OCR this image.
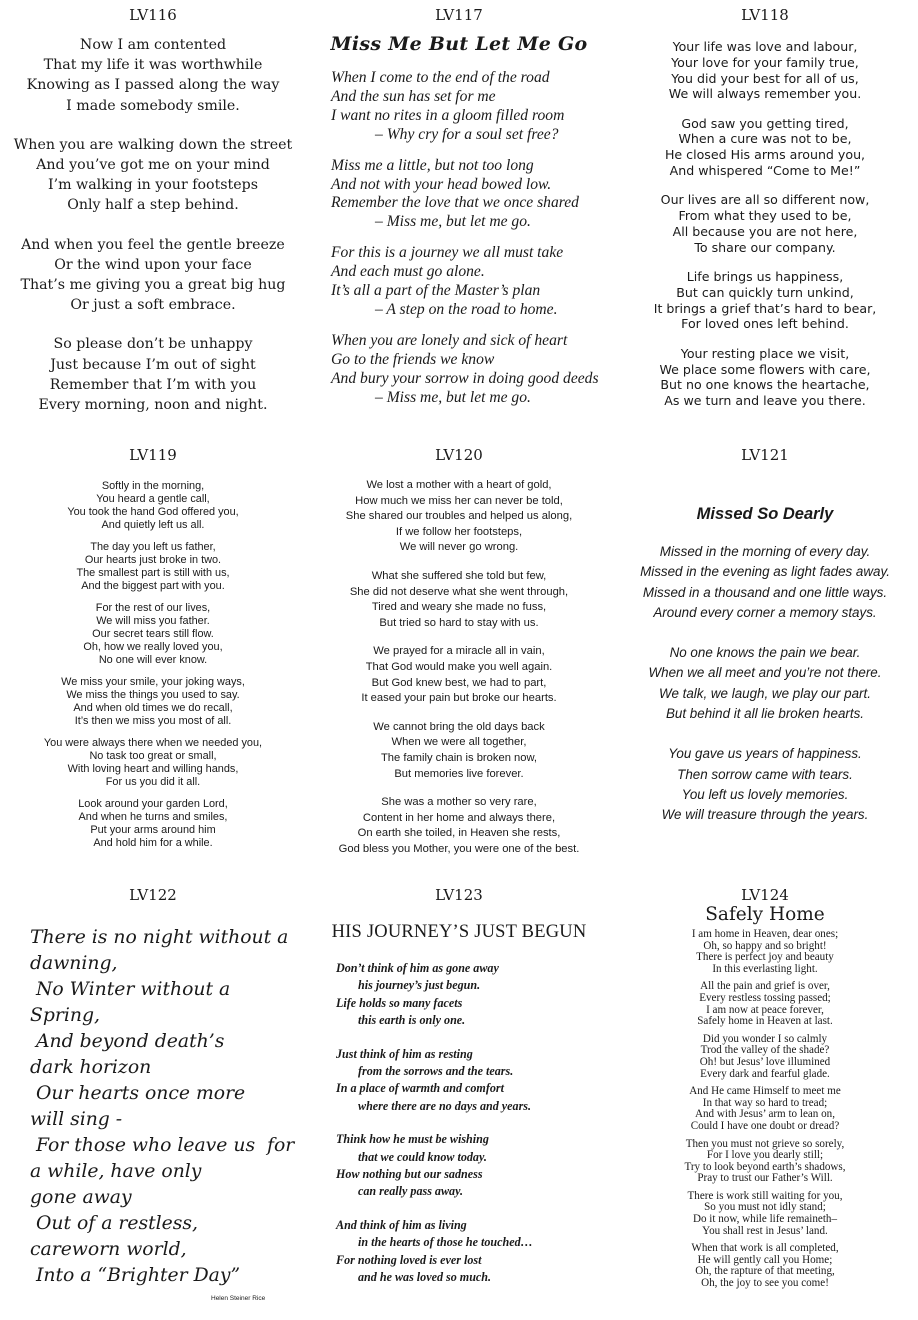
LV116
Now I am contented
That my life it was worthwhile
Knowing as I passed along the way
I made somebody smile.
When you are walking down the street
And you’ve got me on your mind
I’m walking in your footsteps
Only half a step behind.
And when you feel the gentle breeze
Or the wind upon your face
That’s me giving you a great big hug
Or just a soft embrace.
So please don’t be unhappy
Just because I’m out of sight
Remember that I’m with you
Every morning, noon and night.
LV117
Miss Me But Let Me Go
When I come to the end of the road
And the sun has set for me
I want no rites in a gloom filled room
– Why cry for a soul set free?
Miss me a little, but not too long
And not with your head bowed low.
Remember the love that we once shared
– Miss me, but let me go.
For this is a journey we all must take
And each must go alone.
It’s all a part of the Master’s plan
– A step on the road to home.
When you are lonely and sick of heart
Go to the friends we know
And bury your sorrow in doing good deeds
– Miss me, but let me go.
LV118
Your life was love and labour,
Your love for your family true,
You did your best for all of us,
We will always remember you.
God saw you getting tired,
When a cure was not to be,
He closed His arms around you,
And whispered “Come to Me!”
Our lives are all so different now,
From what they used to be,
All because you are not here,
To share our company.
Life brings us happiness,
But can quickly turn unkind,
It brings a grief that’s hard to bear,
For loved ones left behind.
Your resting place we visit,
We place some flowers with care,
But no one knows the heartache,
As we turn and leave you there.
LV119
Softly in the morning,
You heard a gentle call,
You took the hand God offered you,
And quietly left us all.
The day you left us father,
Our hearts just broke in two.
The smallest part is still with us,
And the biggest part with you.
For the rest of our lives,
We will miss you father.
Our secret tears still flow.
Oh, how we really loved you,
No one will ever know.
We miss your smile, your joking ways,
We miss the things you used to say.
And when old times we do recall,
It’s then we miss you most of all.
You were always there when we needed you,
No task too great or small,
With loving heart and willing hands,
For us you did it all.
Look around your garden Lord,
And when he turns and smiles,
Put your arms around him
And hold him for a while.
LV120
We lost a mother with a heart of gold,
How much we miss her can never be told,
She shared our troubles and helped us along,
If we follow her footsteps,
We will never go wrong.
What she suffered she told but few,
She did not deserve what she went through,
Tired and weary she made no fuss,
But tried so hard to stay with us.
We prayed for a miracle all in vain,
That God would make you well again.
But God knew best, we had to part,
It eased your pain but broke our hearts.
We cannot bring the old days back
When we were all together,
The family chain is broken now,
But memories live forever.
She was a mother so very rare,
Content in her home and always there,
On earth she toiled, in Heaven she rests,
God bless you Mother, you were one of the best.
LV121
Missed So Dearly
Missed in the morning of every day.
Missed in the evening as light fades away.
Missed in a thousand and one little ways.
Around every corner a memory stays.
No one knows the pain we bear.
When we all meet and you’re not there.
We talk, we laugh, we play our part.
But behind it all lie broken hearts.
You gave us years of happiness.
Then sorrow came with tears.
You left us lovely memories.
We will treasure through the years.
LV122
There is no night without a
dawning,
No Winter without a
Spring,
And beyond death’s
dark horizon
Our hearts once more
will sing -
For those who leave us  for
a while, have only
gone away
Out of a restless,
careworn world,
Into a “Brighter Day”
Helen Steiner Rice
LV123
HIS JOURNEY’S JUST BEGUN
Don’t think of him as gone away
his journey’s just begun.
Life holds so many facets
this earth is only one.
Just think of him as resting
from the sorrows and the tears.
In a place of warmth and comfort
where there are no days and years.
Think how he must be wishing
that we could know today.
How nothing but our sadness
can really pass away.
And think of him as living
in the hearts of those he touched…
For nothing loved is ever lost
and he was loved so much.
LV124
Safely Home
I am home in Heaven, dear ones;
Oh, so happy and so bright!
There is perfect joy and beauty
In this everlasting light.
All the pain and grief is over,
Every restless tossing passed;
I am now at peace forever,
Safely home in Heaven at last.
Did you wonder I so calmly
Trod the valley of the shade?
Oh! but Jesus’ love illumined
Every dark and fearful glade.
And He came Himself to meet me
In that way so hard to tread;
And with Jesus’ arm to lean on,
Could I have one doubt or dread?
Then you must not grieve so sorely,
For I love you dearly still;
Try to look beyond earth’s shadows,
Pray to trust our Father’s Will.
There is work still waiting for you,
So you must not idly stand;
Do it now, while life remaineth–
You shall rest in Jesus’ land.
When that work is all completed,
He will gently call you Home;
Oh, the rapture of that meeting,
Oh, the joy to see you come!
